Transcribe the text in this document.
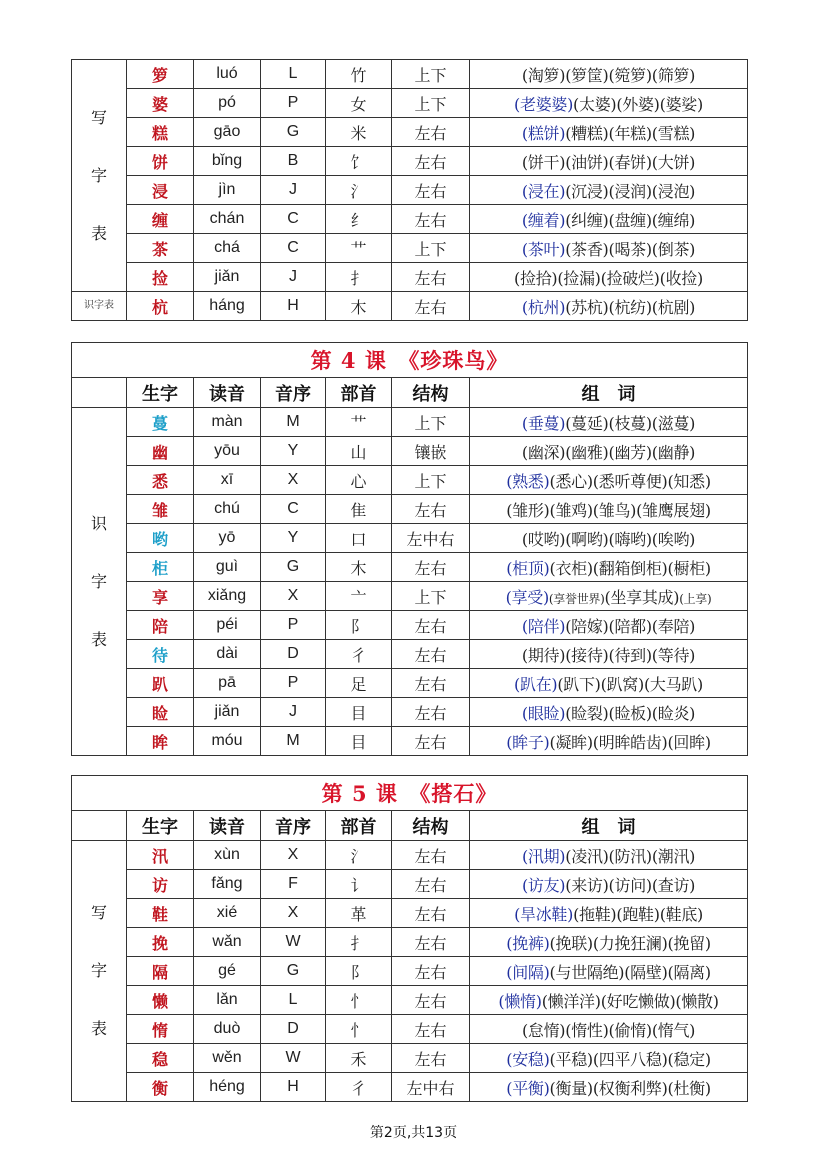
写
字
表	箩	luó	L	竹	上下	(淘箩)(箩筐)(箢箩)(筛箩)
	婆	pó	P	女	上下	(老婆婆)(太婆)(外婆)(婆娑)
	糕	gāo	G	米	左右	(糕饼)(糟糕)(年糕)(雪糕)
	饼	bǐng	B	饣	左右	(饼干)(油饼)(春饼)(大饼)
	浸	jìn	J	氵	左右	(浸在)(沉浸)(浸润)(浸泡)
	缠	chán	C	纟	左右	(缠着)(纠缠)(盘缠)(缠绵)
	茶	chá	C	艹	上下	(茶叶)(茶香)(喝茶)(倒茶)
	捡	jiǎn	J	扌	左右	(捡拾)(捡漏)(捡破烂)(收捡)
识字表	杭	háng	H	木	左右	(杭州)(苏杭)(杭纺)(杭剧)
第 4 课　《珍珠鸟》						
	生字	读音	音序	部首	结构	组　词
识
字
表	蔓	màn	M	艹	上下	(垂蔓)(蔓延)(枝蔓)(滋蔓)
	幽	yōu	Y	山	镶嵌	(幽深)(幽雅)(幽芳)(幽静)
	悉	xī	X	心	上下	(熟悉)(悉心)(悉听尊便)(知悉)
	雏	chú	C	隹	左右	(雏形)(雏鸡)(雏鸟)(雏鹰展翅)
	哟	yō	Y	口	左中右	(哎哟)(啊哟)(嗨哟)(唉哟)
	柜	guì	G	木	左右	(柜顶)(衣柜)(翻箱倒柜)(橱柜)
	享	xiǎng	X	亠	上下	(享受)(享誉世界)(坐享其成)(上享)
	陪	péi	P	阝	左右	(陪伴)(陪嫁)(陪都)(奉陪)
	待	dài	D	彳	左右	(期待)(接待)(待到)(等待)
	趴	pā	P	足	左右	(趴在)(趴下)(趴窝)(大马趴)
	睑	jiǎn	J	目	左右	(眼睑)(睑裂)(睑板)(睑炎)
	眸	móu	M	目	左右	(眸子)(凝眸)(明眸皓齿)(回眸)
第 5 课　《搭石》						
	生字	读音	音序	部首	结构	组　词
写
字
表	汛	xùn	X	氵	左右	(汛期)(凌汛)(防汛)(潮汛)
	访	fǎng	F	讠	左右	(访友)(来访)(访问)(查访)
	鞋	xié	X	革	左右	(旱冰鞋)(拖鞋)(跑鞋)(鞋底)
	挽	wǎn	W	扌	左右	(挽裤)(挽联)(力挽狂澜)(挽留)
	隔	gé	G	阝	左右	(间隔)(与世隔绝)(隔壁)(隔离)
	懒	lǎn	L	忄	左右	(懒惰)(懒洋洋)(好吃懒做)(懒散)
	惰	duò	D	忄	左右	(怠惰)(惰性)(偷惰)(惰气)
	稳	wěn	W	禾	左右	(安稳)(平稳)(四平八稳)(稳定)
	衡	héng	H	彳	左中右	(平衡)(衡量)(权衡利弊)(杜衡)
第2页,共13页
